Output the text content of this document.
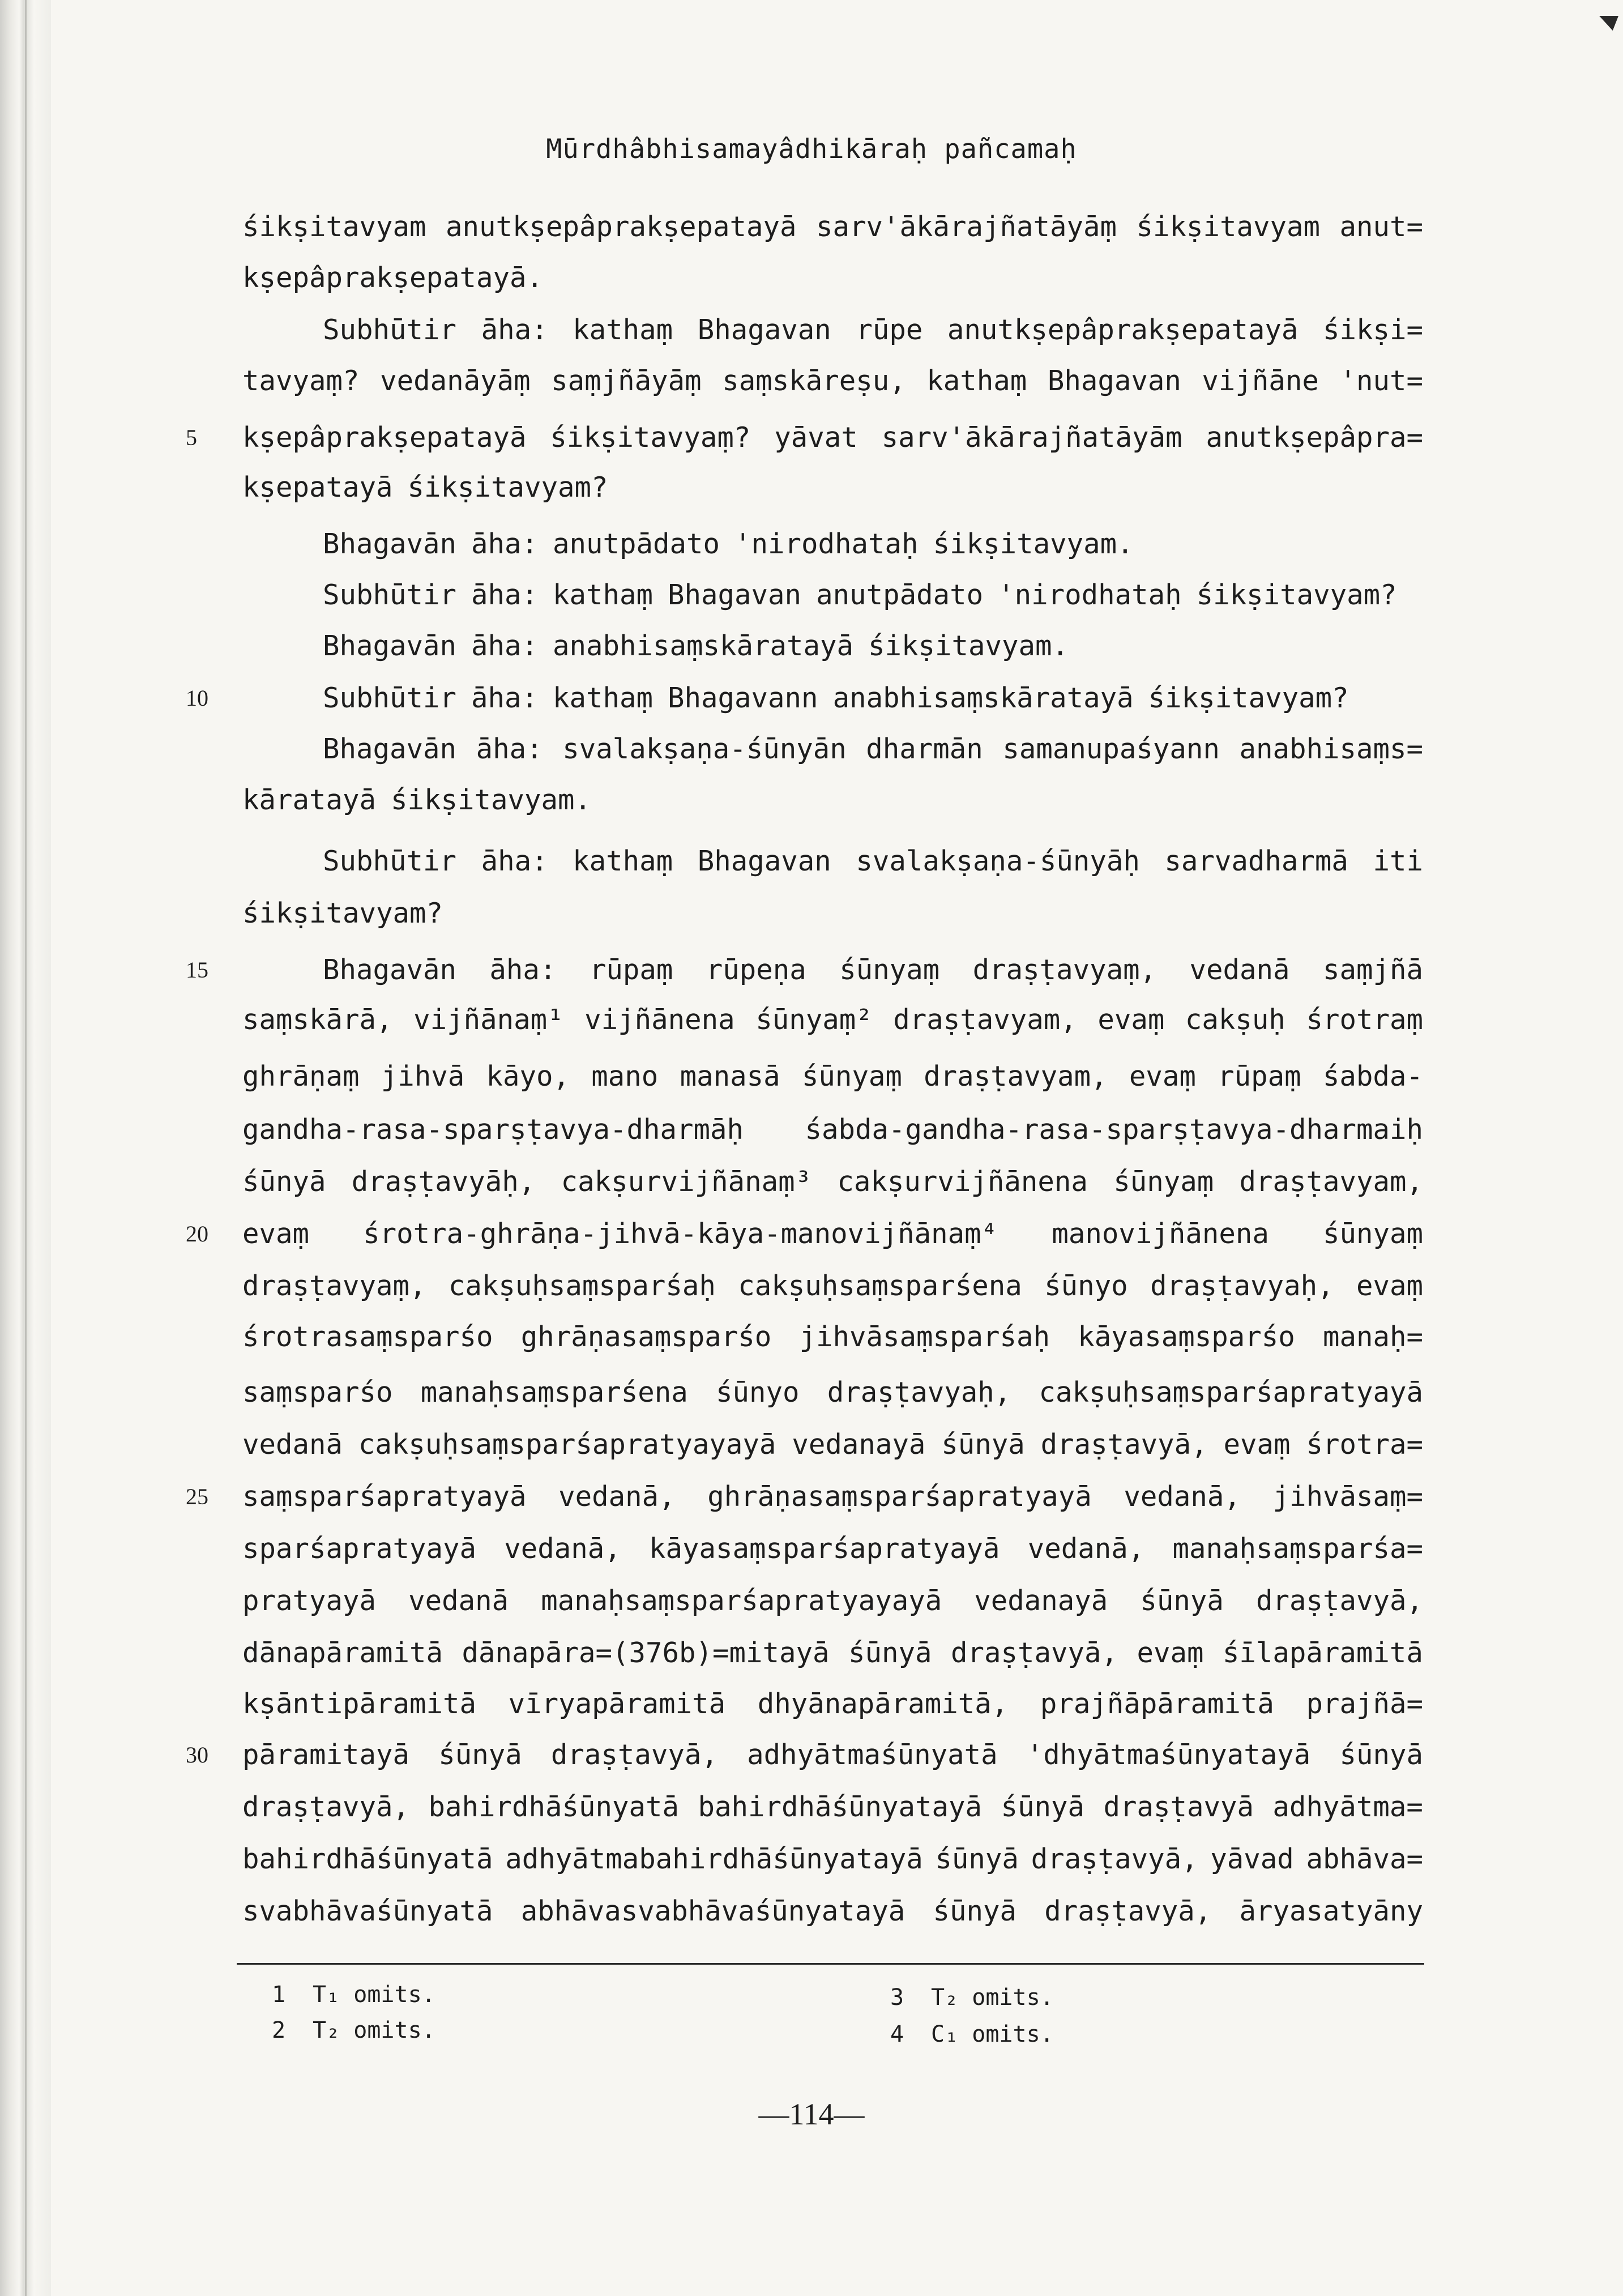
Mūrdhâbhisamayâdhikāraḥ pañcamaḥ
śikṣitavyam anutkṣepâprakṣepatayā sarv'ākārajñatāyāṃ śikṣitavyam anut=
kṣepâprakṣepatayā.
Subhūtir āha: kathaṃ Bhagavan rūpe anutkṣepâprakṣepatayā śikṣi=
tavyaṃ? vedanāyāṃ saṃjñāyāṃ saṃskāreṣu, kathaṃ Bhagavan vijñāne 'nut=
kṣepâprakṣepatayā śikṣitavyaṃ? yāvat sarv'ākārajñatāyām anutkṣepâpra=
5
kṣepatayā śikṣitavyam?
Bhagavān āha: anutpādato 'nirodhataḥ śikṣitavyam.
Subhūtir āha: kathaṃ Bhagavan anutpādato 'nirodhataḥ śikṣitavyam?
Bhagavān āha: anabhisaṃskāratayā śikṣitavyam.
Subhūtir āha: kathaṃ Bhagavann anabhisaṃskāratayā śikṣitavyam?
10
Bhagavān āha: svalakṣaṇa-śūnyān dharmān samanupaśyann anabhisaṃs=
kāratayā śikṣitavyam.
Subhūtir āha: kathaṃ Bhagavan svalakṣaṇa-śūnyāḥ sarvadharmā iti
śikṣitavyam?
Bhagavān āha: rūpaṃ rūpeṇa śūnyaṃ draṣṭavyaṃ, vedanā saṃjñā
15
saṃskārā, vijñānaṃ¹ vijñānena śūnyaṃ² draṣṭavyam, evaṃ cakṣuḥ śrotraṃ
ghrāṇaṃ jihvā kāyo, mano manasā śūnyaṃ draṣṭavyam, evaṃ rūpaṃ śabda-
gandha-rasa-sparṣṭavya-dharmāḥ śabda-gandha-rasa-sparṣṭavya-dharmaiḥ
śūnyā draṣṭavyāḥ, cakṣurvijñānaṃ³ cakṣurvijñānena śūnyaṃ draṣṭavyam,
evaṃ śrotra-ghrāṇa-jihvā-kāya-manovijñānaṃ⁴ manovijñānena śūnyaṃ
20
draṣṭavyaṃ, cakṣuḥsaṃsparśaḥ cakṣuḥsaṃsparśena śūnyo draṣṭavyaḥ, evaṃ
śrotrasaṃsparśo ghrāṇasaṃsparśo jihvāsaṃsparśaḥ kāyasaṃsparśo manaḥ=
saṃsparśo manaḥsaṃsparśena śūnyo draṣṭavyaḥ, cakṣuḥsaṃsparśapratyayā
vedanā cakṣuḥsaṃsparśapratyayayā vedanayā śūnyā draṣṭavyā, evaṃ śrotra=
saṃsparśapratyayā vedanā, ghrāṇasaṃsparśapratyayā vedanā, jihvāsaṃ=
25
sparśapratyayā vedanā, kāyasaṃsparśapratyayā vedanā, manaḥsaṃsparśa=
pratyayā vedanā manaḥsaṃsparśapratyayayā vedanayā śūnyā draṣṭavyā,
dānapāramitā dānapāra=(376b)=mitayā śūnyā draṣṭavyā, evaṃ śīlapāramitā
kṣāntipāramitā vīryapāramitā dhyānapāramitā, prajñāpāramitā prajñā=
pāramitayā śūnyā draṣṭavyā, adhyātmaśūnyatā 'dhyātmaśūnyatayā śūnyā
30
draṣṭavyā, bahirdhāśūnyatā bahirdhāśūnyatayā śūnyā draṣṭavyā adhyātma=
bahirdhāśūnyatā adhyātmabahirdhāśūnyatayā śūnyā draṣṭavyā, yāvad abhāva=
svabhāvaśūnyatā abhāvasvabhāvaśūnyatayā śūnyā draṣṭavyā, āryasatyāny
1 T₁ omits.
2 T₂ omits.
3 T₂ omits.
4 C₁ omits.
—114—
